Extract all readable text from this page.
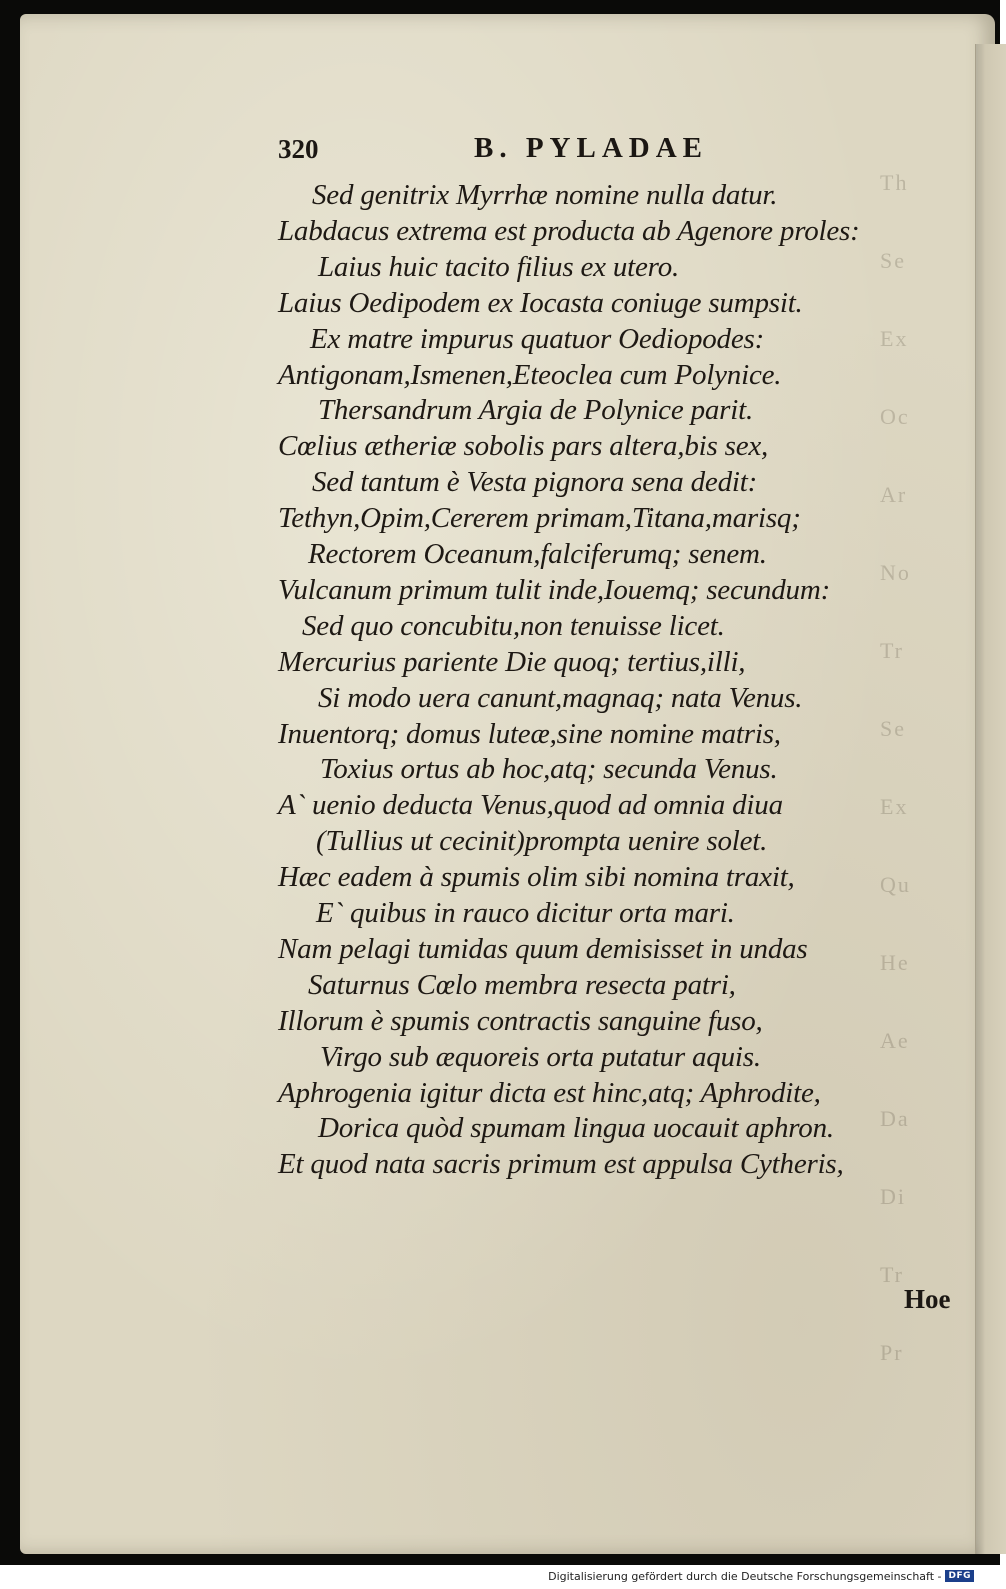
Th
Se
Ex
Oc
Ar
No
Tr
Se
Ex
Qu
He
Ae
Da
Di
Tr
Pr
320	B. PYLADAE
Sed genitrix Myrrhæ nomine nulla datur.
Labdacus extrema est producta ab Agenore proles:
Laius huic tacito filius ex utero.
Laius Oedipodem ex Iocasta coniuge sumpsit.
Ex matre impurus quatuor Oediopodes:
Antigonam,Ismenen,Eteoclea cum Polynice.
Thersandrum Argia de Polynice parit.
Cœlius ætheriæ sobolis pars altera,bis sex,
Sed tantum è Vesta pignora sena dedit:
Tethyn,Opim,Cererem primam,Titana,marisq;
Rectorem Oceanum,falciferumq; senem.
Vulcanum primum tulit inde,Iouemq; secundum:
Sed quo concubitu,non tenuisse licet.
Mercurius pariente Die quoq; tertius,illi,
Si modo uera canunt,magnaq; nata Venus.
Inuentorq; domus luteæ,sine nomine matris,
Toxius ortus ab hoc,atq; secunda Venus.
A` uenio deducta Venus,quod ad omnia diua
(Tullius ut cecinit)prompta uenire solet.
Hæc eadem à spumis olim sibi nomina traxit,
E` quibus in rauco dicitur orta mari.
Nam pelagi tumidas quum demisisset in undas
Saturnus Cœlo membra resecta patri,
Illorum è spumis contractis sanguine fuso,
Virgo sub æquoreis orta putatur aquis.
Aphrogenia igitur dicta est hinc,atq; Aphrodite,
Dorica quòd spumam lingua uocauit aphron.
Et quod nata sacris primum est appulsa Cytheris,
Hoe
Digitalisierung gefördert durch die Deutsche Forschungsgemeinschaft - DFG
